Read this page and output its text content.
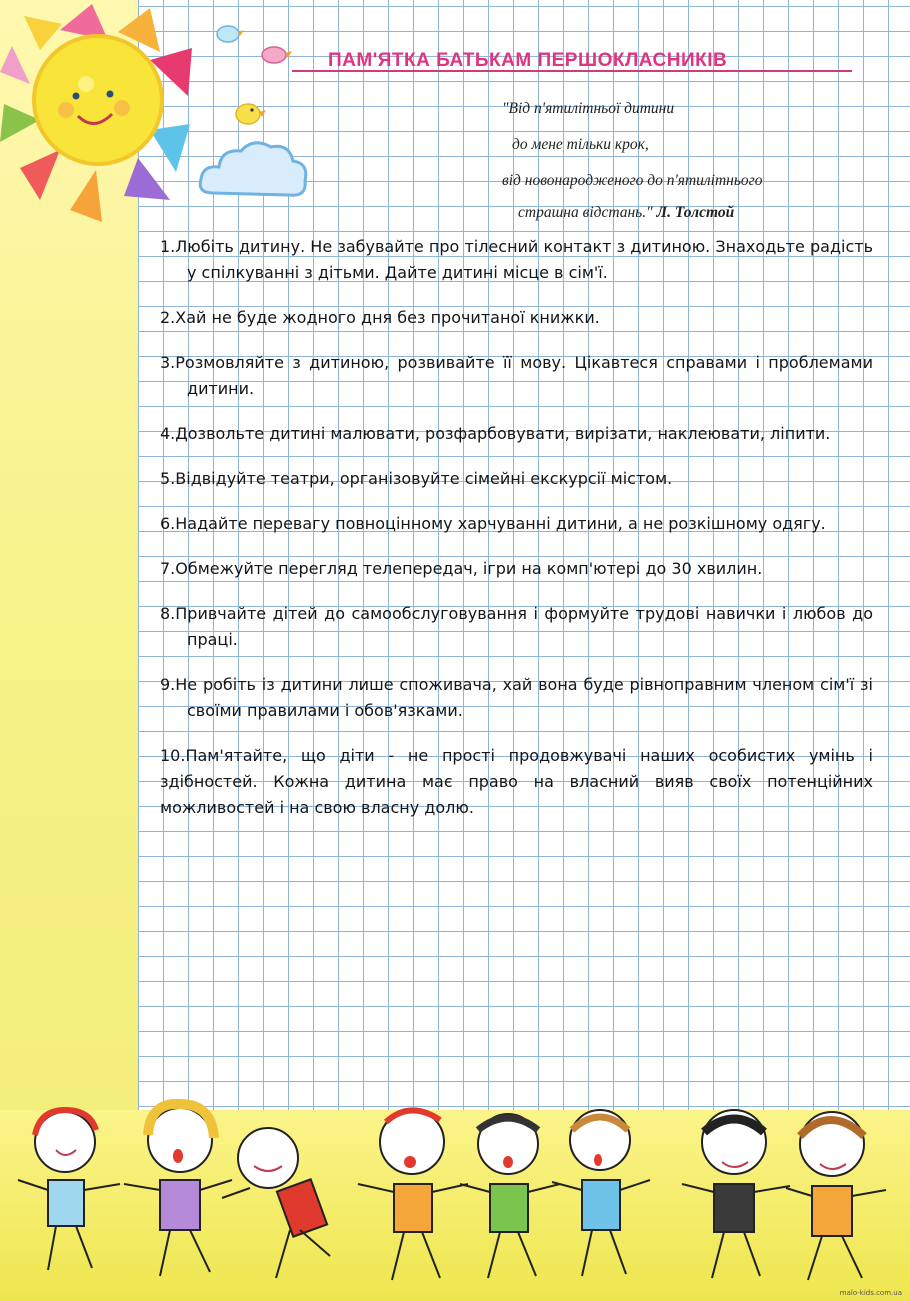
ПАМ'ЯТКА БАТЬКАМ ПЕРШОКЛАСНИКІВ
"Від п'ятилітньої дитини
до мене тільки крок,
від новонародженого до п'ятилітнього
страшна відстань." Л. Толстой
1.Любіть дитину. Не забувайте про тілесний контакт з дитиною. Знаходьте радість у спілкуванні з дітьми. Дайте дитині місце в сім'ї.
2.Хай не буде жодного дня без прочитаної книжки.
3.Розмовляйте з дитиною, розвивайте її мову. Цікавтеся справами і проблемами дитини.
4.Дозвольте дитині малювати, розфарбовувати, вирізати, наклеювати, ліпити.
5.Відвідуйте театри, організовуйте сімейні екскурсії містом.
6.Надайте перевагу повноцінному харчуванні дитини, а не розкішному одягу.
7.Обмежуйте перегляд телепередач, ігри на комп'ютері до 30 хвилин.
8.Привчайте дітей до самообслуговування і формуйте трудові навички і любов до праці.
9.Не робіть із дитини лише споживача, хай вона буде рівноправним членом сім'ї зі своїми правилами і обов'язками.
10.Пам'ятайте, що діти - не прості продовжувачі наших особистих умінь і здібностей. Кожна дитина має право на власний вияв своїх потенційних можливостей і на свою власну долю.
malo-kids.com.ua
